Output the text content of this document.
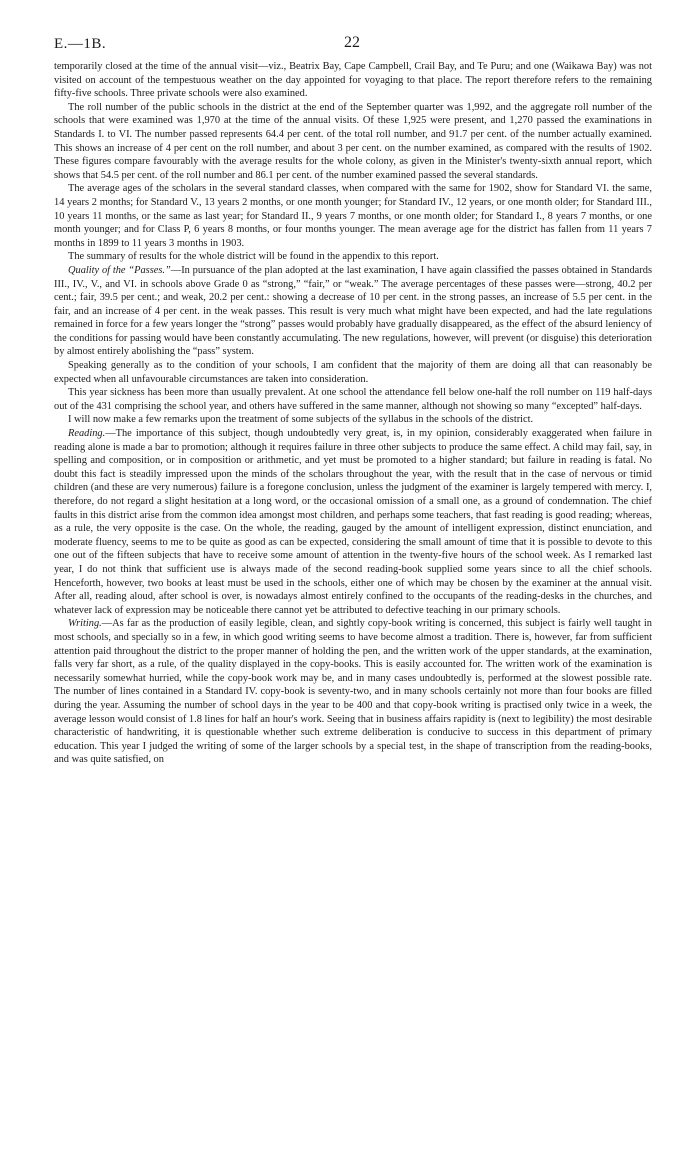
E.—1B.	22

temporarily closed at the time of the annual visit—viz., Beatrix Bay, Cape Campbell, Crail Bay, and Te Puru; and one (Waikawa Bay) was not visited on account of the tempestuous weather on the day appointed for voyaging to that place. The report therefore refers to the remaining fifty-five schools. Three private schools were also examined.

The roll number of the public schools in the district at the end of the September quarter was 1,992, and the aggregate roll number of the schools that were examined was 1,970 at the time of the annual visits. Of these 1,925 were present, and 1,270 passed the examinations in Standards I. to VI. The number passed represents 64.4 per cent. of the total roll number, and 91.7 per cent. of the number actually examined. This shows an increase of 4 per cent on the roll number, and about 3 per cent. on the number examined, as compared with the results of 1902. These figures compare favourably with the average results for the whole colony, as given in the Minister's twenty-sixth annual report, which shows that 54.5 per cent. of the roll number and 86.1 per cent. of the number examined passed the several standards.

The average ages of the scholars in the several standard classes, when compared with the same for 1902, show for Standard VI. the same, 14 years 2 months; for Standard V., 13 years 2 months, or one month younger; for Standard IV., 12 years, or one month older; for Standard III., 10 years 11 months, or the same as last year; for Standard II., 9 years 7 months, or one month older; for Standard I., 8 years 7 months, or one month younger; and for Class P, 6 years 8 months, or four months younger. The mean average age for the district has fallen from 11 years 7 months in 1899 to 11 years 3 months in 1903.

The summary of results for the whole district will be found in the appendix to this report.

Quality of the “Passes.”—In pursuance of the plan adopted at the last examination, I have again classified the passes obtained in Standards III., IV., V., and VI. in schools above Grade 0 as “strong,” “fair,” or “weak.” The average percentages of these passes were—strong, 40.2 per cent.; fair, 39.5 per cent.; and weak, 20.2 per cent.: showing a decrease of 10 per cent. in the strong passes, an increase of 5.5 per cent. in the fair, and an increase of 4 per cent. in the weak passes. This result is very much what might have been expected, and had the late regulations remained in force for a few years longer the “strong” passes would probably have gradually disappeared, as the effect of the absurd leniency of the conditions for passing would have been constantly accumulating. The new regulations, however, will prevent (or disguise) this deterioration by almost entirely abolishing the “pass” system.

Speaking generally as to the condition of your schools, I am confident that the majority of them are doing all that can reasonably be expected when all unfavourable circumstances are taken into consideration.

This year sickness has been more than usually prevalent. At one school the attendance fell below one-half the roll number on 119 half-days out of the 431 comprising the school year, and others have suffered in the same manner, although not showing so many “excepted” half-days.

I will now make a few remarks upon the treatment of some subjects of the syllabus in the schools of the district.

Reading.—The importance of this subject, though undoubtedly very great, is, in my opinion, considerably exaggerated when failure in reading alone is made a bar to promotion; although it requires failure in three other subjects to produce the same effect. A child may fail, say, in spelling and composition, or in composition or arithmetic, and yet must be promoted to a higher standard; but failure in reading is fatal. No doubt this fact is steadily impressed upon the minds of the scholars throughout the year, with the result that in the case of nervous or timid children (and these are very numerous) failure is a foregone conclusion, unless the judgment of the examiner is largely tempered with mercy. I, therefore, do not regard a slight hesitation at a long word, or the occasional omission of a small one, as a ground of condemnation. The chief faults in this district arise from the common idea amongst most children, and perhaps some teachers, that fast reading is good reading; whereas, as a rule, the very opposite is the case. On the whole, the reading, gauged by the amount of intelligent expression, distinct enunciation, and moderate fluency, seems to me to be quite as good as can be expected, considering the small amount of time that it is possible to devote to this one out of the fifteen subjects that have to receive some amount of attention in the twenty-five hours of the school week. As I remarked last year, I do not think that sufficient use is always made of the second reading-book supplied some years since to all the chief schools. Henceforth, however, two books at least must be used in the schools, either one of which may be chosen by the examiner at the annual visit. After all, reading aloud, after school is over, is nowadays almost entirely confined to the occupants of the reading-desks in the churches, and whatever lack of expression may be noticeable there cannot yet be attributed to defective teaching in our primary schools.

Writing.—As far as the production of easily legible, clean, and sightly copy-book writing is concerned, this subject is fairly well taught in most schools, and specially so in a few, in which good writing seems to have become almost a tradition. There is, however, far from sufficient attention paid throughout the district to the proper manner of holding the pen, and the written work of the upper standards, at the examination, falls very far short, as a rule, of the quality displayed in the copy-books. This is easily accounted for. The written work of the examination is necessarily somewhat hurried, while the copy-book work may be, and in many cases undoubtedly is, performed at the slowest possible rate. The number of lines contained in a Standard IV. copy-book is seventy-two, and in many schools certainly not more than four books are filled during the year. Assuming the number of school days in the year to be 400 and that copy-book writing is practised only twice in a week, the average lesson would consist of 1.8 lines for half an hour's work. Seeing that in business affairs rapidity is (next to legibility) the most desirable characteristic of handwriting, it is questionable whether such extreme deliberation is conducive to success in this department of primary education. This year I judged the writing of some of the larger schools by a special test, in the shape of transcription from the reading-books, and was quite satisfied, on
